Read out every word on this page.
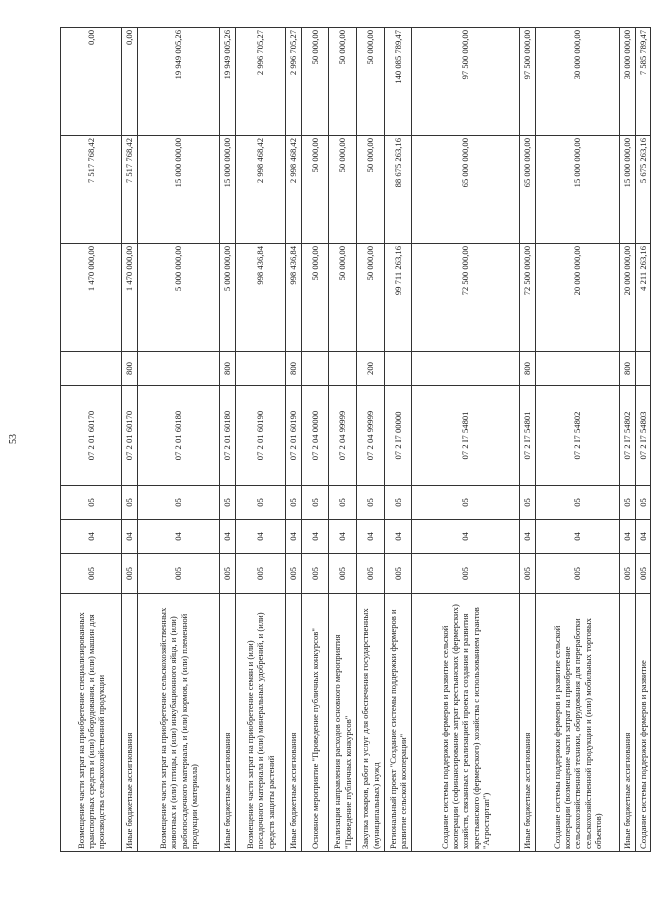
53
Возмещение части затрат на приобретение специализированных транспортных средств и (или) оборудования, и (или) машин для производства сельскохозяйственной продукции	005	04	05	07 2 01 60170		1 470 000,00	7 517 768,42	0,00
Иные бюджетные ассигнования	005	04	05	07 2 01 60170	800	1 470 000,00	7 517 768,42	0,00
Возмещение части затрат на приобретение сельскохозяйственных животных и (или) птицы, и (или) инкубационного яйца, и (или) рыбопосадочного материала, и (или) кормов, и (или) племенной продукции (материала)	005	04	05	07 2 01 60180		5 000 000,00	15 000 000,00	19 949 005,26
Иные бюджетные ассигнования	005	04	05	07 2 01 60180	800	5 000 000,00	15 000 000,00	19 949 005,26
Возмещение части затрат на приобретение семян и (или) посадочного материала и (или) минеральных удобрений, и (или) средств защиты растений	005	04	05	07 2 01 60190		998 436,84	2 998 468,42	2 996 705,27
Иные бюджетные ассигнования	005	04	05	07 2 01 60190	800	998 436,84	2 998 468,42	2 996 705,27
Основное мероприятие "Проведение публичных конкурсов"	005	04	05	07 2 04 00000		50 000,00	50 000,00	50 000,00
Реализация направления расходов основного мероприятия "Проведение публичных конкурсов"	005	04	05	07 2 04 99999		50 000,00	50 000,00	50 000,00
Закупка товаров, работ и услуг для обеспечения государственных (муниципальных) нужд	005	04	05	07 2 04 99999	200	50 000,00	50 000,00	50 000,00
Региональный проект "Создание системы поддержки фермеров и развитие сельской кооперации"	005	04	05	07 2 I7 00000		99 711 263,16	88 675 263,16	140 085 789,47
Создание системы поддержки фермеров и развитие сельской кооперации (софинансирование затрат крестьянских (фермерских) хозяйств, связанных с реализацией проекта создания и развития крестьянского (фермерского) хозяйства с использованием грантов "Агростартап")	005	04	05	07 2 I7 54801		72 500 000,00	65 000 000,00	97 500 000,00
Иные бюджетные ассигнования	005	04	05	07 2 I7 54801	800	72 500 000,00	65 000 000,00	97 500 000,00
Создание системы поддержки фермеров и развитие сельской кооперации (возмещение части затрат на приобретение сельскохозяйственной техники, оборудования для переработки сельскохозяйственной продукции и (или) мобильных торговых объектов)	005	04	05	07 2 I7 54802		20 000 000,00	15 000 000,00	30 000 000,00
Иные бюджетные ассигнования	005	04	05	07 2 I7 54802	800	20 000 000,00	15 000 000,00	30 000 000,00
Создание системы поддержки фермеров и развитие	005	04	05	07 2 I7 54803		4 211 263,16	5 675 263,16	7 585 789,47
